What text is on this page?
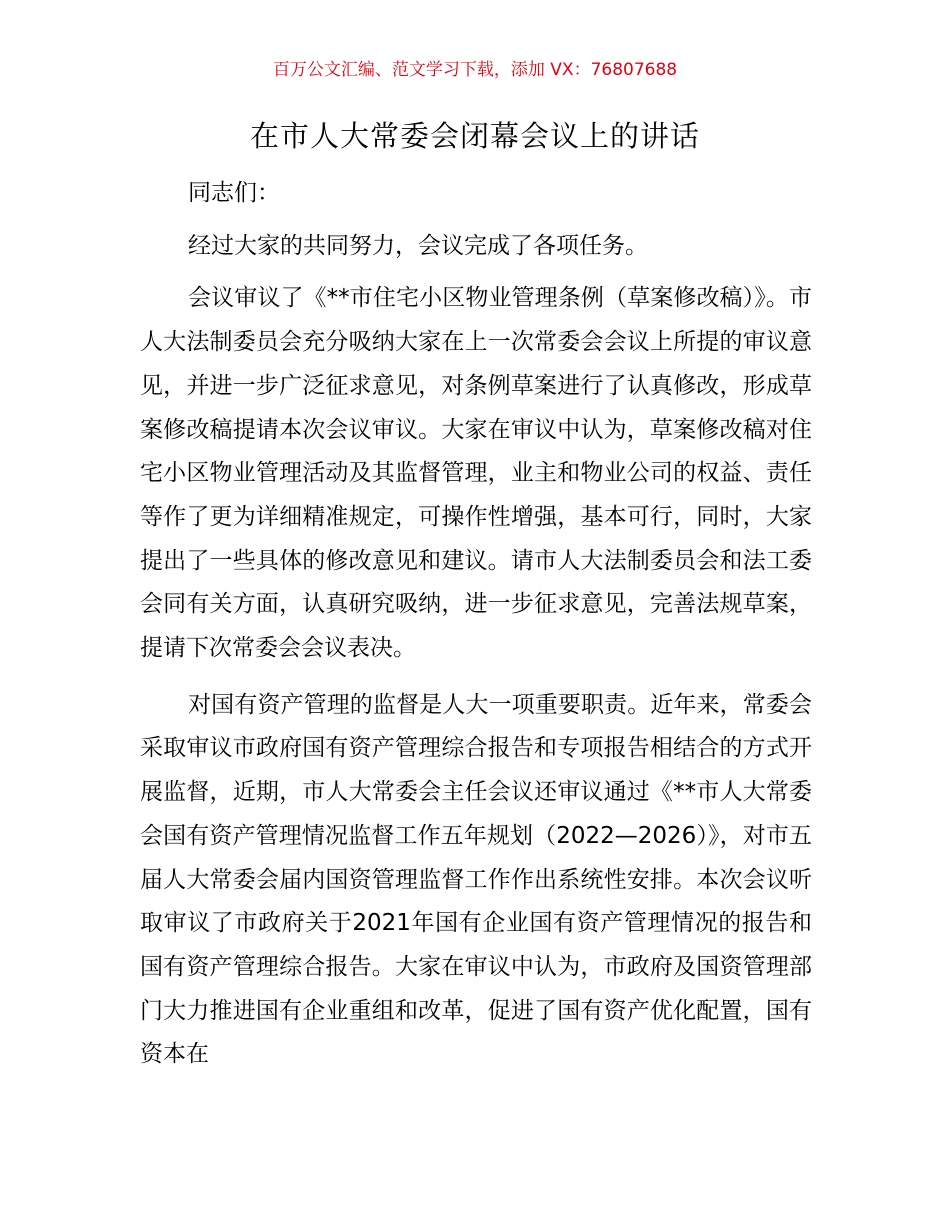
百万公文汇编、范文学习下载，添加 VX：76807688
在市人大常委会闭幕会议上的讲话

同志们：

经过大家的共同努力，会议完成了各项任务。

会议审议了《**市住宅小区物业管理条例（草案修改稿）》。市人大法制委员会充分吸纳大家在上一次常委会会议上所提的审议意见，并进一步广泛征求意见，对条例草案进行了认真修改，形成草案修改稿提请本次会议审议。大家在审议中认为，草案修改稿对住宅小区物业管理活动及其监督管理，业主和物业公司的权益、责任等作了更为详细精准规定，可操作性增强，基本可行，同时，大家提出了一些具体的修改意见和建议。请市人大法制委员会和法工委会同有关方面，认真研究吸纳，进一步征求意见，完善法规草案，提请下次常委会会议表决。

对国有资产管理的监督是人大一项重要职责。近年来，常委会采取审议市政府国有资产管理综合报告和专项报告相结合的方式开展监督，近期，市人大常委会主任会议还审议通过《**市人大常委会国有资产管理情况监督工作五年规划（2022—2026）》，对市五届人大常委会届内国资管理监督工作作出系统性安排。本次会议听取审议了市政府关于2021年国有企业国有资产管理情况的报告和国有资产管理综合报告。大家在审议中认为，市政府及国资管理部门大力推进国有企业重组和改革，促进了国有资产优化配置，国有资本在
